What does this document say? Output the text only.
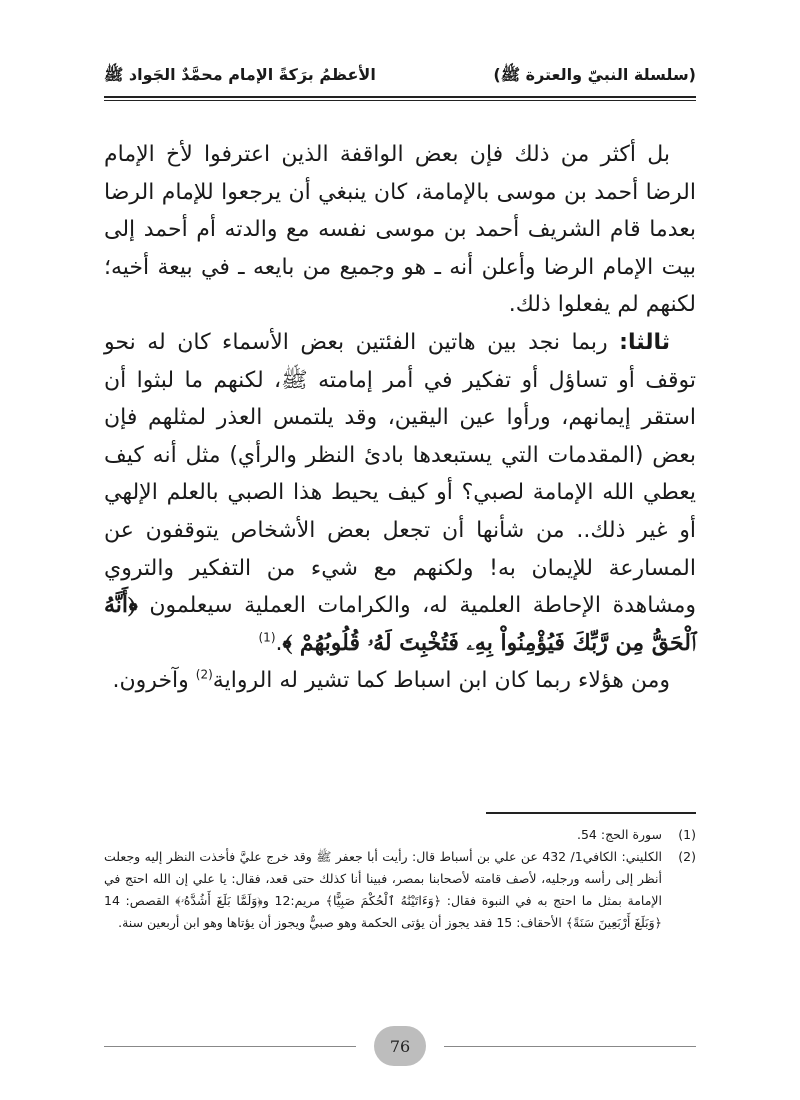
(سلسلة النبيّ والعترة ﷺ)
الأعظمُ برَكةً الإمام محمَّدٌ الجَواد ﷺ

بل أكثر من ذلك فإن بعض الواقفة الذين اعترفوا لأخ الإمام الرضا أحمد بن موسى بالإمامة، كان ينبغي أن يرجعوا للإمام الرضا بعدما قام الشريف أحمد بن موسى نفسه مع والدته أم أحمد إلى بيت الإمام الرضا وأعلن أنه ـ هو وجميع من بايعه ـ في بيعة أخيه؛ لكنهم لم يفعلوا ذلك.

ثالثا: ربما نجد بين هاتين الفئتين بعض الأسماء كان له نحو توقف أو تساؤل أو تفكير في أمر إمامته ﷺ، لكنهم ما لبثوا أن استقر إيمانهم، ورأوا عين اليقين، وقد يلتمس العذر لمثلهم فإن بعض (المقدمات التي يستبعدها بادئ النظر والرأي) مثل أنه كيف يعطي الله الإمامة لصبي؟ أو كيف يحيط هذا الصبي بالعلم الإلهي أو غير ذلك.. من شأنها أن تجعل بعض الأشخاص يتوقفون عن المسارعة للإيمان به! ولكنهم مع شيء من التفكير والتروي ومشاهدة الإحاطة العلمية له، والكرامات العملية سيعلمون ﴿أَنَّهُ ٱلْحَقُّ مِن رَّبِّكَ فَيُؤْمِنُواْ بِهِۦ فَتُخْبِتَ لَهُۥ قُلُوبُهُمْ ﴾.$^{(1)}$

ومن هؤلاء ربما كان ابن اسباط كما تشير له الرواية$^{(2)}$ وآخرون.

(1)
سورة الحج: 54.
(2)
الكليني: الكافي1/ 432 عن علي بن أسباط قال: رأيت أبا جعفر ﷺ وقد خرج عليَّ فأخذت النظر إليه وجعلت أنظر إلى رأسه ورجليه، لأصف قامته لأصحابنا بمصر، فبينا أنا كذلك حتى قعد، فقال: يا علي إن الله احتج في الإمامة بمثل ما احتج به في النبوة فقال: ﴿وَءَاتَيْنَٰهُ ٱلْحُكْمَ صَبِيًّا﴾ مريم:12 و﴿وَلَمَّا بَلَغَ أَشُدَّهُۥ﴾ القصص: 14 ﴿وَبَلَغَ أَرْبَعِينَ سَنَةً﴾ الأحقاف: 15 فقد يجوز أن يؤتى الحكمة وهو صبيٌّ ويجوز أن يؤتاها وهو ابن أربعين سنة.
76
